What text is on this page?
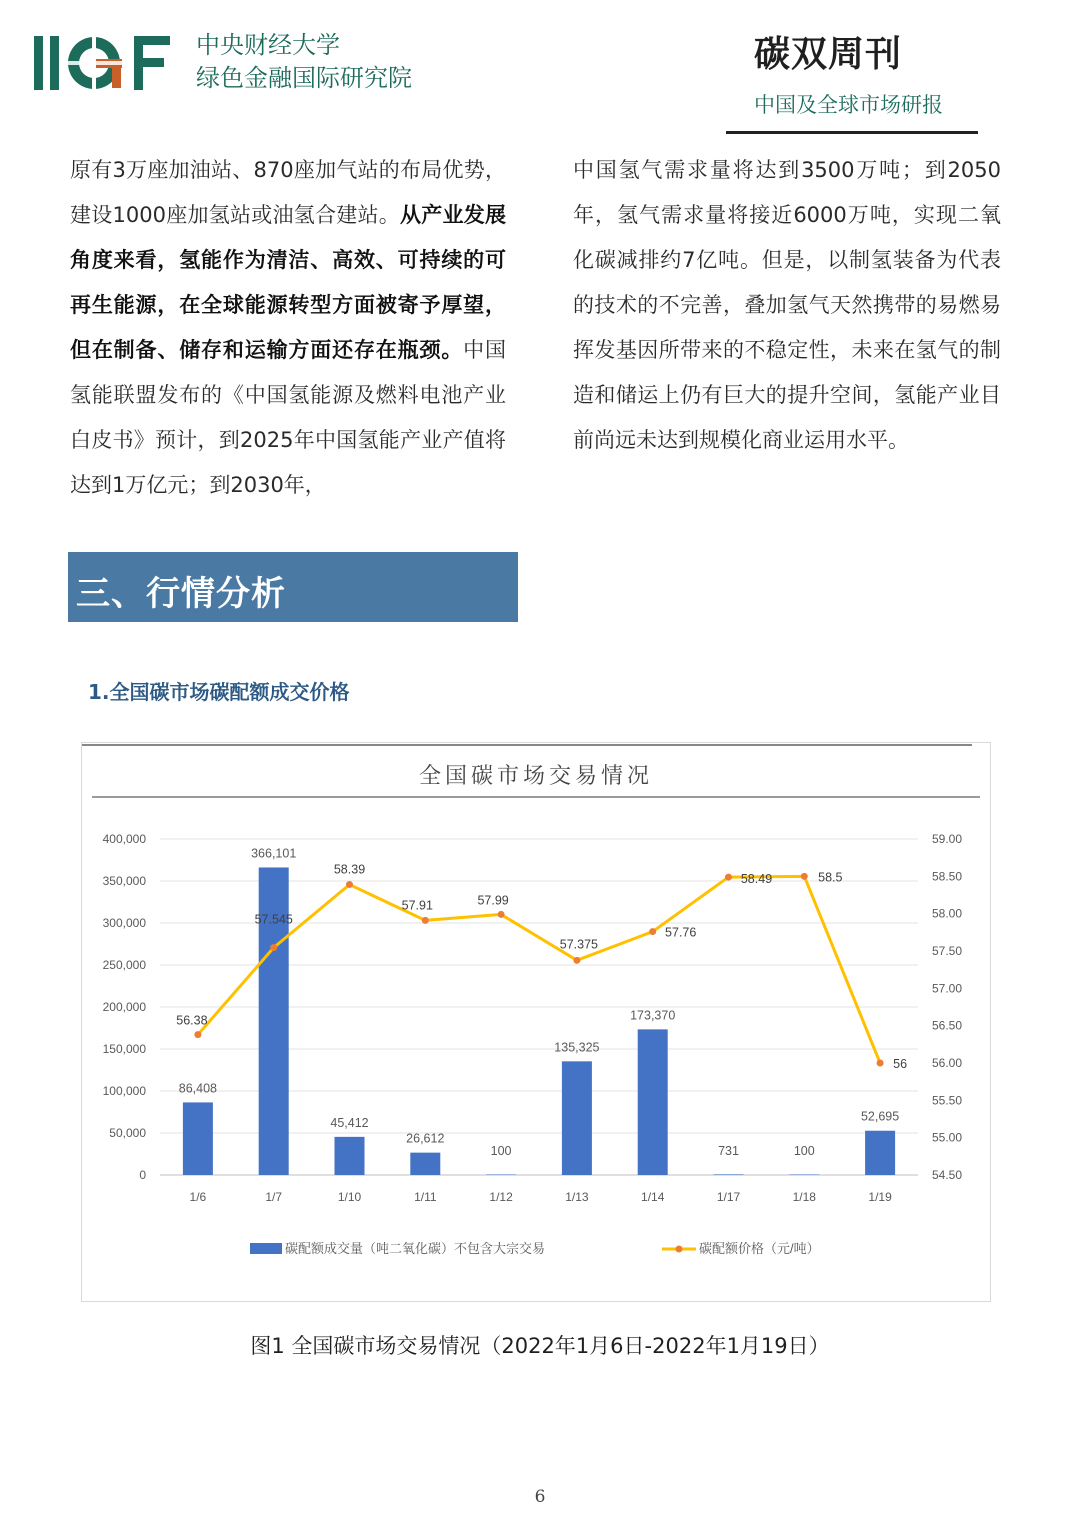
中央财经大学
绿色金融国际研究院
碳双周刊
中国及全球市场研报
原有3万座加油站、870座加气站的布局优势，建设1000座加氢站或油氢合建站。从产业发展角度来看，氢能作为清洁、高效、可持续的可再生能源，在全球能源转型方面被寄予厚望，但在制备、储存和运输方面还存在瓶颈。中国氢能联盟发布的《中国氢能源及燃料电池产业白皮书》预计，到2025年中国氢能产业产值将达到1万亿元；到2030年，
中国氢气需求量将达到3500万吨；到2050年，氢气需求量将接近6000万吨，实现二氧化碳减排约7亿吨。但是，以制氢装备为代表的技术的不完善，叠加氢气天然携带的易燃易挥发基因所带来的不稳定性，未来在氢气的制造和储运上仍有巨大的提升空间，氢能产业目前尚远未达到规模化商业运用水平。
三、行情分析
1.全国碳市场碳配额成交价格
全国碳市场交易情况
0
50,000
100,000
150,000
200,000
250,000
300,000
350,000
400,000
54.50
55.00
55.50
56.00
56.50
57.00
57.50
58.00
58.50
59.00
86,408
366,101
45,412
26,612
100
135,325
173,370
731	100
52,695
1/6	1/7	1/10	1/11	1/12	1/13	1/14	1/17	1/18	1/19
56.38
57.545
58.39
57.91	57.99
57.375
57.76
58.49	58.5
56
碳配额成交量（吨二氧化碳）不包含大宗交易	碳配额价格（元/吨）
图1 全国碳市场交易情况（2022年1月6日-2022年1月19日）
6
